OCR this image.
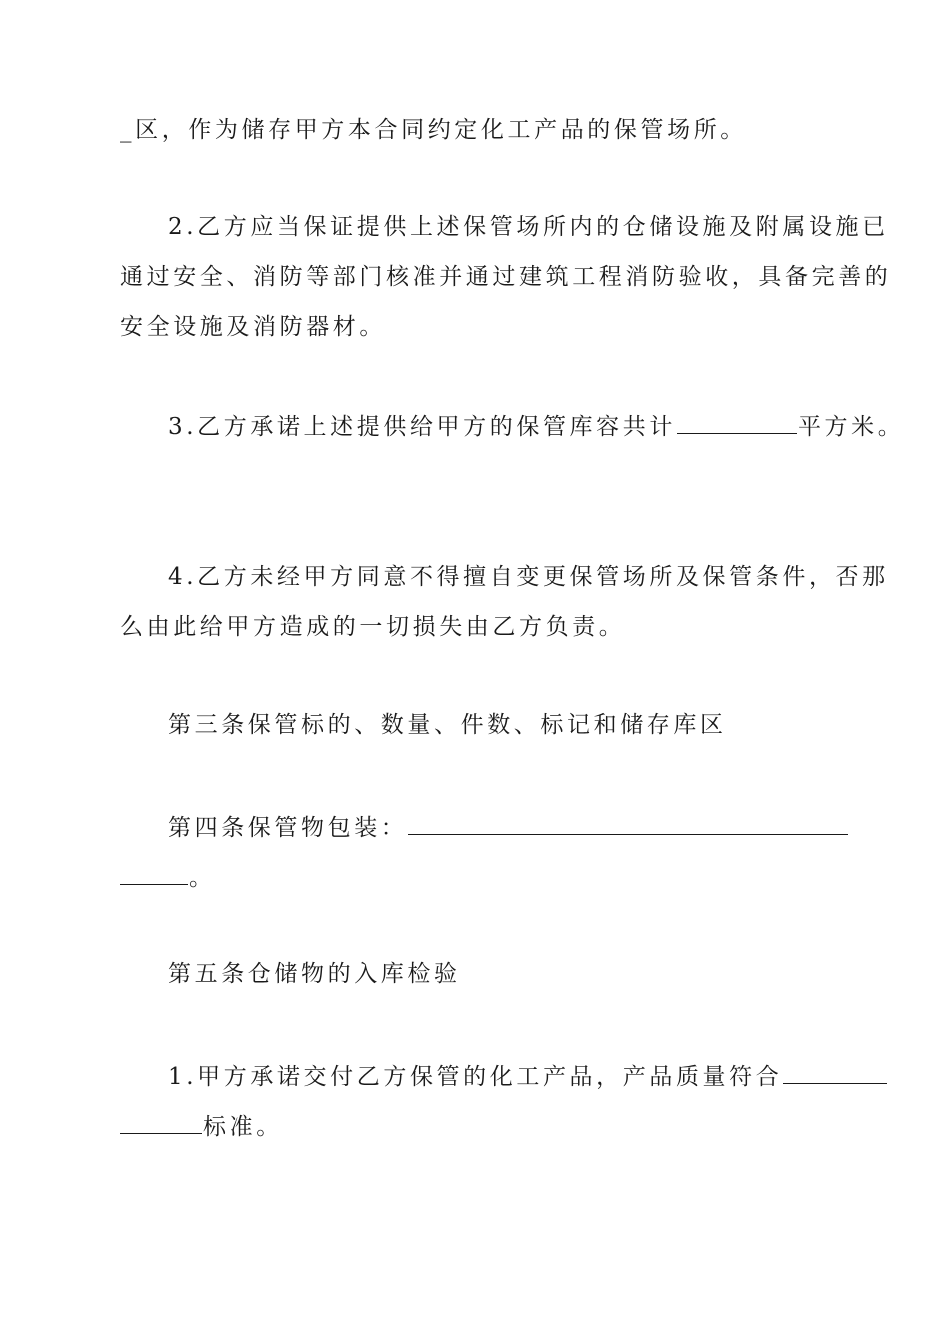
_区，作为储存甲方本合同约定化工产品的保管场所。
2.乙方应当保证提供上述保管场所内的仓储设施及附属设施已
通过安全、消防等部门核准并通过建筑工程消防验收，具备完善的
安全设施及消防器材。
3.乙方承诺上述提供给甲方的保管库容共计	平方米。
4.乙方未经甲方同意不得擅自变更保管场所及保管条件，否那
么由此给甲方造成的一切损失由乙方负责。
第三条保管标的、数量、件数、标记和储存库区
第四条保管物包装：
。
第五条仓储物的入库检验
1.甲方承诺交付乙方保管的化工产品，产品质量符合
标准。
